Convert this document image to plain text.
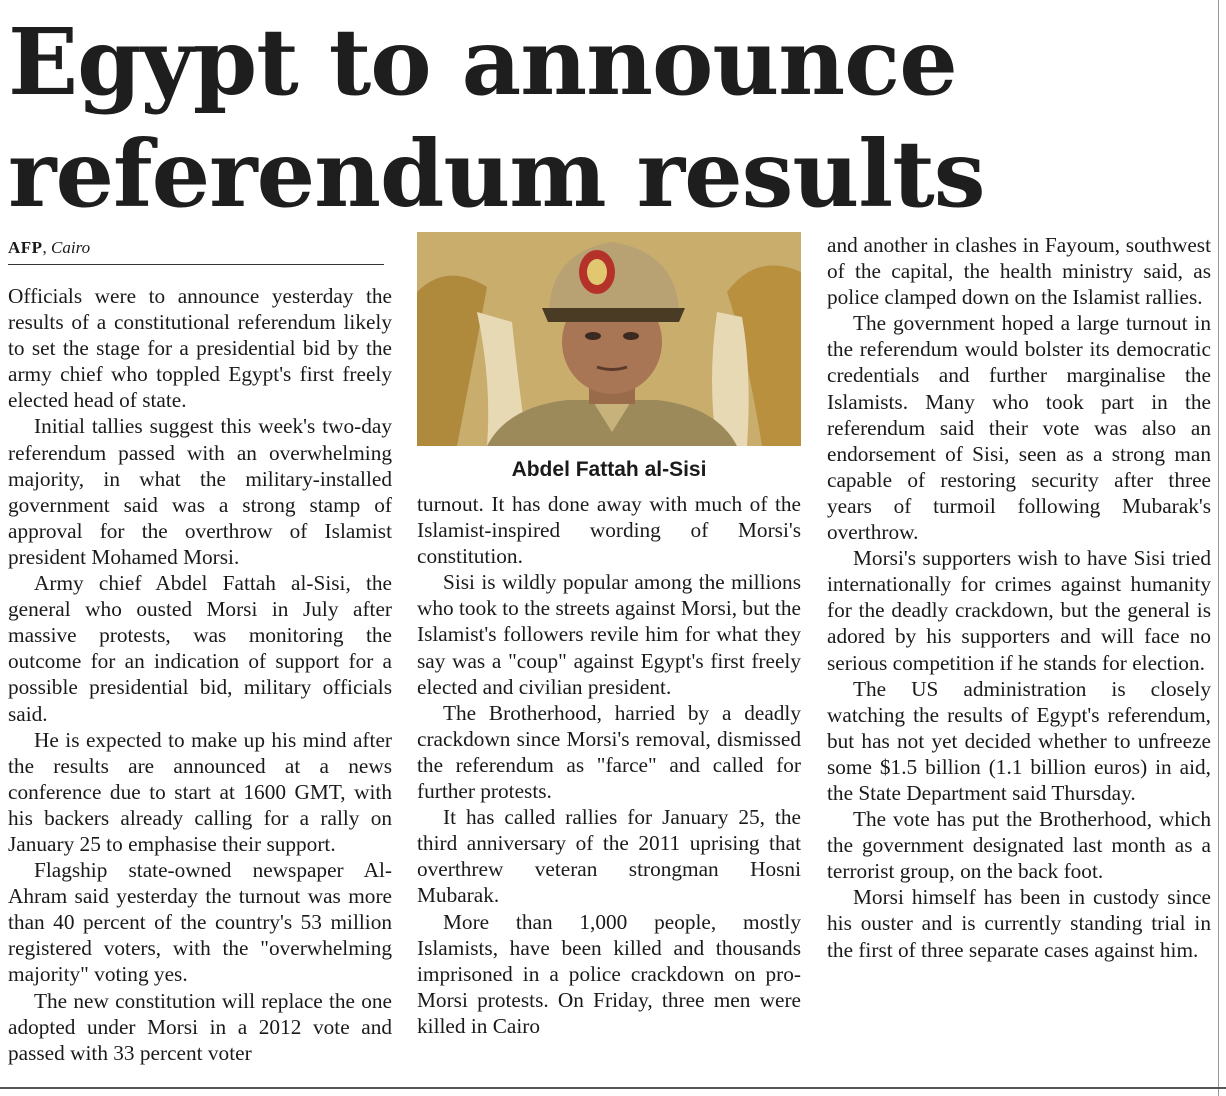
Egypt to announce
referendum results
AFP, Cairo

Officials were to announce yesterday the results of a constitutional referendum likely to set the stage for a presidential bid by the army chief who toppled Egypt's first freely elected head of state.

Initial tallies suggest this week's two-day referendum passed with an overwhelming majority, in what the military-installed government said was a strong stamp of approval for the overthrow of Islamist president Mohamed Morsi.

Army chief Abdel Fattah al-Sisi, the general who ousted Morsi in July after massive protests, was monitoring the outcome for an indication of support for a possible presidential bid, military officials said.

He is expected to make up his mind after the results are announced at a news conference due to start at 1600 GMT, with his backers already calling for a rally on January 25 to emphasise their support.

Flagship state-owned newspaper Al-Ahram said yesterday the turnout was more than 40 percent of the country's 53 million registered voters, with the "overwhelming majority" voting yes.

The new constitution will replace the one adopted under Morsi in a 2012 vote and passed with 33 percent voter

Abdel Fattah al-Sisi

turnout. It has done away with much of the Islamist-inspired wording of Morsi's constitution.

Sisi is wildly popular among the millions who took to the streets against Morsi, but the Islamist's followers revile him for what they say was a "coup" against Egypt's first freely elected and civilian president.

The Brotherhood, harried by a deadly crackdown since Morsi's removal, dismissed the referendum as "farce" and called for further protests.

It has called rallies for January 25, the third anniversary of the 2011 uprising that overthrew veteran strongman Hosni Mubarak.

More than 1,000 people, mostly Islamists, have been killed and thousands imprisoned in a police crackdown on pro-Morsi protests. On Friday, three men were killed in Cairo

and another in clashes in Fayoum, southwest of the capital, the health ministry said, as police clamped down on the Islamist rallies.

The government hoped a large turnout in the referendum would bolster its democratic credentials and further marginalise the Islamists. Many who took part in the referendum said their vote was also an endorsement of Sisi, seen as a strong man capable of restoring security after three years of turmoil following Mubarak's overthrow.

Morsi's supporters wish to have Sisi tried internationally for crimes against humanity for the deadly crackdown, but the general is adored by his supporters and will face no serious competition if he stands for election.

The US administration is closely watching the results of Egypt's referendum, but has not yet decided whether to unfreeze some $1.5 billion (1.1 billion euros) in aid, the State Department said Thursday.

The vote has put the Brotherhood, which the government designated last month as a terrorist group, on the back foot.

Morsi himself has been in custody since his ouster and is currently standing trial in the first of three separate cases against him.
